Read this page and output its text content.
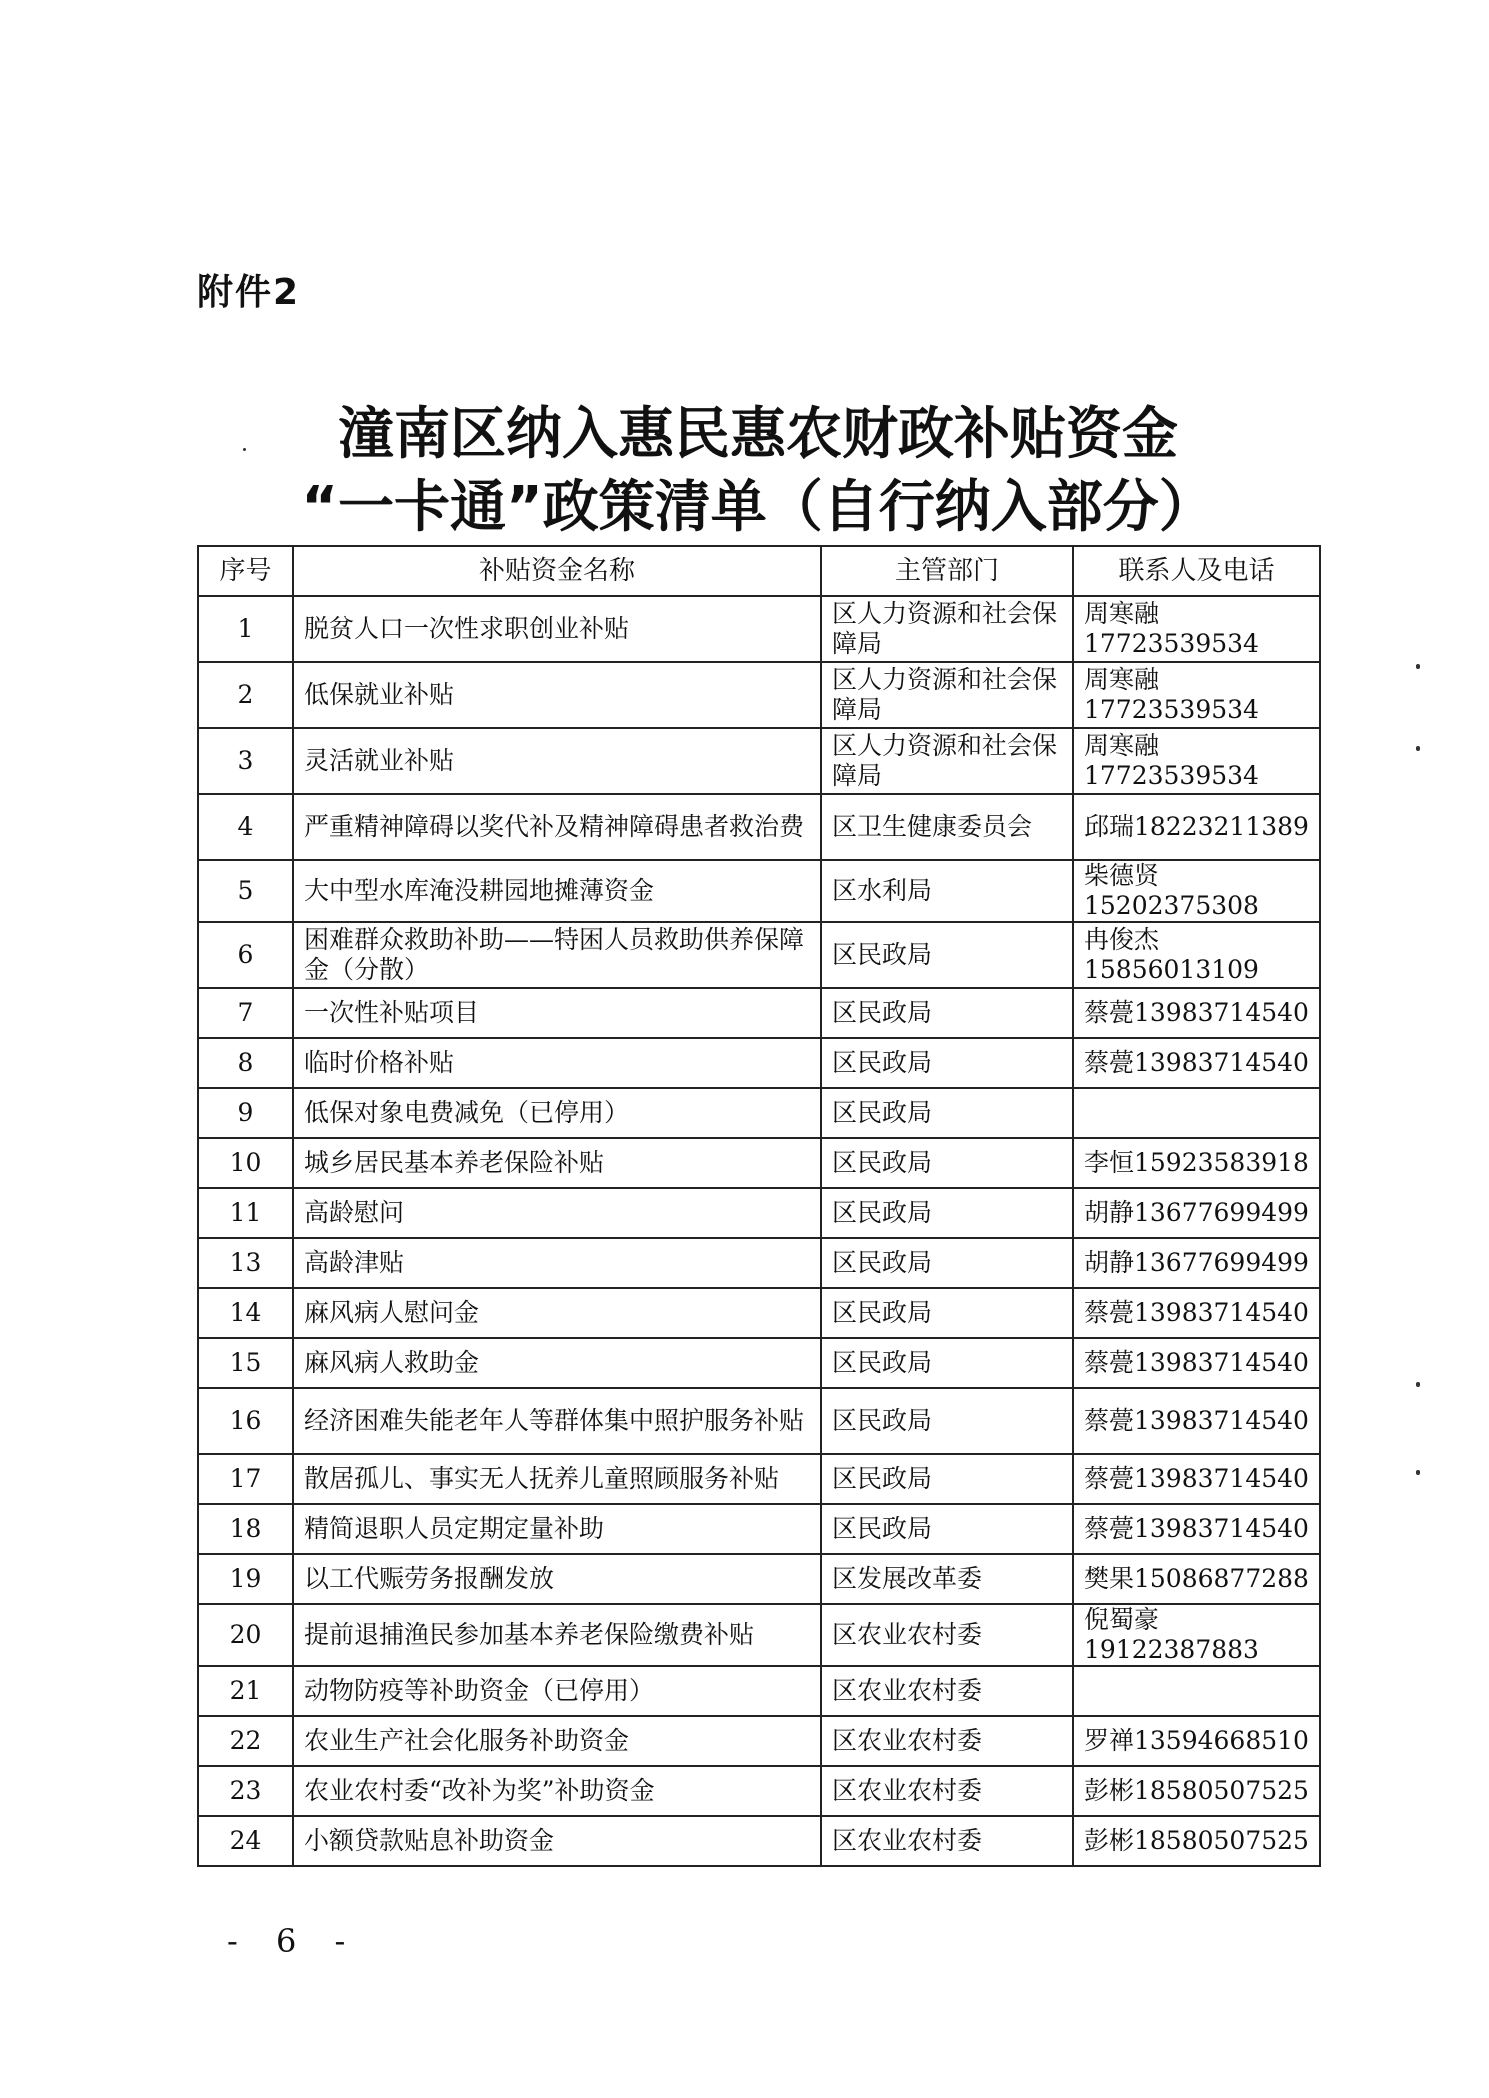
附件2
潼南区纳入惠民惠农财政补贴资金
“一卡通”政策清单（自行纳入部分）
序号	补贴资金名称	主管部门	联系人及电话
1	脱贫人口一次性求职创业补贴	区人力资源和社会保障局	周寒融17723539534
2	低保就业补贴	区人力资源和社会保障局	周寒融17723539534
3	灵活就业补贴	区人力资源和社会保障局	周寒融17723539534
4	严重精神障碍以奖代补及精神障碍患者救治费	区卫生健康委员会	邱瑞18223211389
5	大中型水库淹没耕园地摊薄资金	区水利局	柴德贤15202375308
6	困难群众救助补助——特困人员救助供养保障金（分散）	区民政局	冉俊杰15856013109
7	一次性补贴项目	区民政局	蔡甍13983714540
8	临时价格补贴	区民政局	蔡甍13983714540
9	低保对象电费减免（已停用）	区民政局	
10	城乡居民基本养老保险补贴	区民政局	李恒15923583918
11	高龄慰问	区民政局	胡静13677699499
13	高龄津贴	区民政局	胡静13677699499
14	麻风病人慰问金	区民政局	蔡甍13983714540
15	麻风病人救助金	区民政局	蔡甍13983714540
16	经济困难失能老年人等群体集中照护服务补贴	区民政局	蔡甍13983714540
17	散居孤儿、事实无人抚养儿童照顾服务补贴	区民政局	蔡甍13983714540
18	精简退职人员定期定量补助	区民政局	蔡甍13983714540
19	以工代赈劳务报酬发放	区发展改革委	樊果15086877288
20	提前退捕渔民参加基本养老保险缴费补贴	区农业农村委	倪蜀豪19122387883
21	动物防疫等补助资金（已停用）	区农业农村委	
22	农业生产社会化服务补助资金	区农业农村委	罗禅13594668510
23	农业农村委“改补为奖”补助资金	区农业农村委	彭彬18580507525
24	小额贷款贴息补助资金	区农业农村委	彭彬18580507525
- 6 -
